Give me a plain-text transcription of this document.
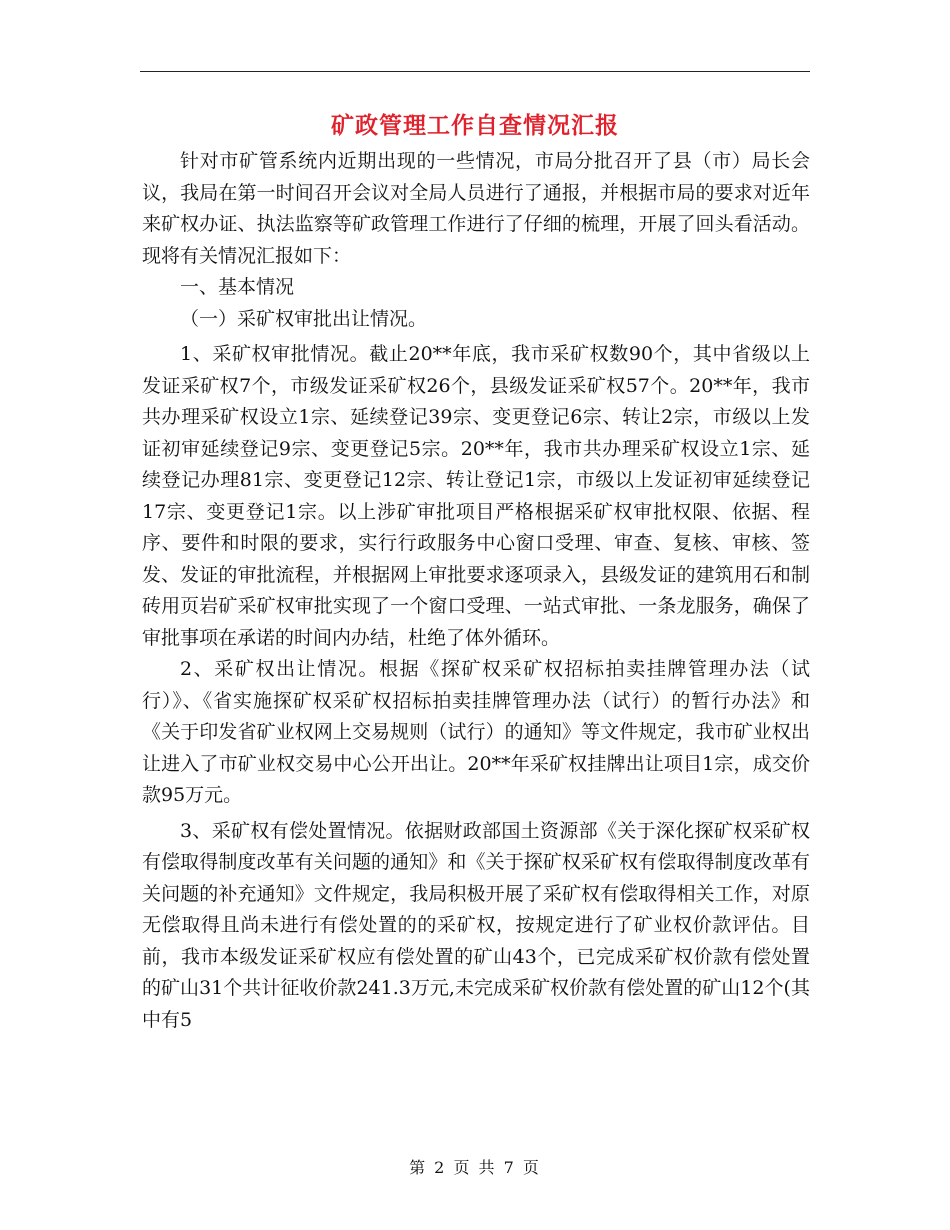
矿政管理工作自查情况汇报

针对市矿管系统内近期出现的一些情况，市局分批召开了县（市）局长会议，我局在第一时间召开会议对全局人员进行了通报，并根据市局的要求对近年来矿权办证、执法监察等矿政管理工作进行了仔细的梳理，开展了回头看活动。现将有关情况汇报如下：

一、基本情况

（一）采矿权审批出让情况。

1、采矿权审批情况。截止20**年底，我市采矿权数90个，其中省级以上发证采矿权7个，市级发证采矿权26个，县级发证采矿权57个。20**年，我市共办理采矿权设立1宗、延续登记39宗、变更登记6宗、转让2宗，市级以上发证初审延续登记9宗、变更登记5宗。20**年，我市共办理采矿权设立1宗、延续登记办理81宗、变更登记12宗、转让登记1宗，市级以上发证初审延续登记17宗、变更登记1宗。以上涉矿审批项目严格根据采矿权审批权限、依据、程序、要件和时限的要求，实行行政服务中心窗口受理、审查、复核、审核、签发、发证的审批流程，并根据网上审批要求逐项录入，县级发证的建筑用石和制砖用页岩矿采矿权审批实现了一个窗口受理、一站式审批、一条龙服务，确保了审批事项在承诺的时间内办结，杜绝了体外循环。

2、采矿权出让情况。根据《探矿权采矿权招标拍卖挂牌管理办法（试行）》、《省实施探矿权采矿权招标拍卖挂牌管理办法（试行）的暂行办法》和《关于印发省矿业权网上交易规则（试行）的通知》等文件规定，我市矿业权出让进入了市矿业权交易中心公开出让。20**年采矿权挂牌出让项目1宗，成交价款95万元。

3、采矿权有偿处置情况。依据财政部国土资源部《关于深化探矿权采矿权有偿取得制度改革有关问题的通知》和《关于探矿权采矿权有偿取得制度改革有关问题的补充通知》文件规定，我局积极开展了采矿权有偿取得相关工作，对原无偿取得且尚未进行有偿处置的的采矿权，按规定进行了矿业权价款评估。目前，我市本级发证采矿权应有偿处置的矿山43个，已完成采矿权价款有偿处置的矿山31个共计征收价款241.3万元,未完成采矿权价款有偿处置的矿山12个(其中有5

第 2 页 共 7 页
